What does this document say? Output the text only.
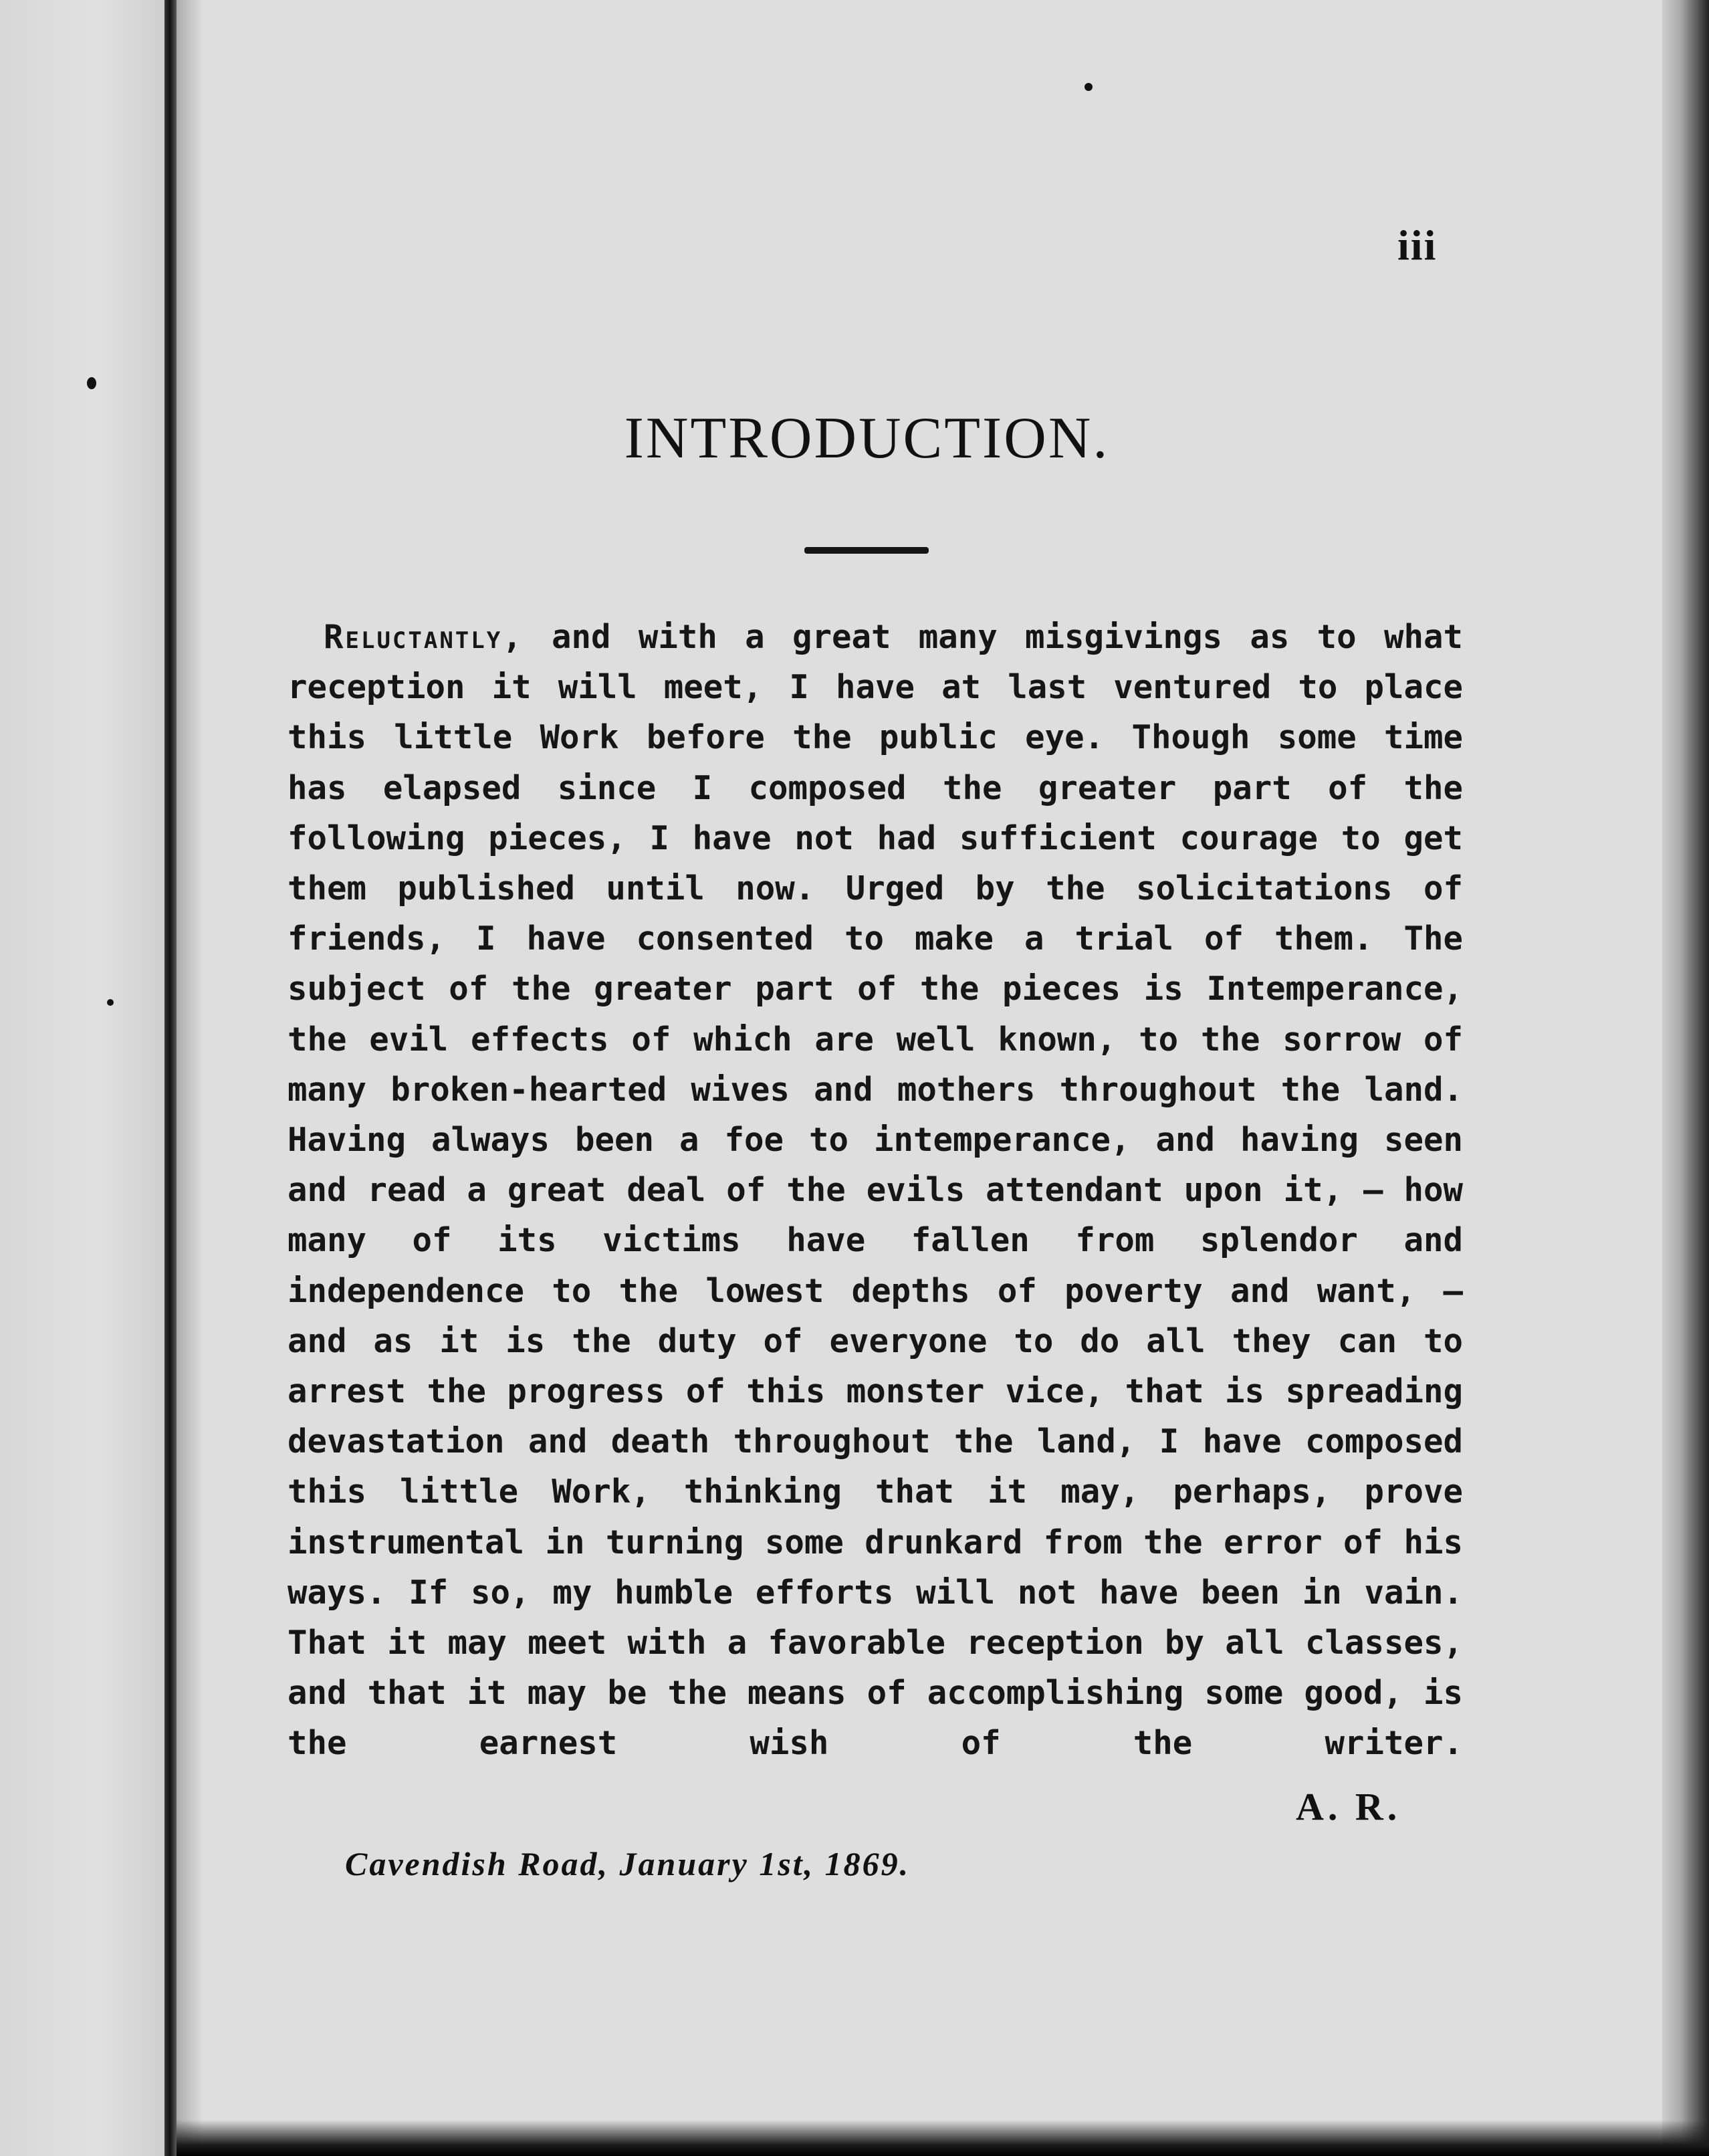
iii
INTRODUCTION.

Reluctantly, and with a great many misgivings as to what reception it will meet, I have at last ventured to place this little Work before the public eye. Though some time has elapsed since I composed the greater part of the following pieces, I have not had sufficient courage to get them published until now. Urged by the solicitations of friends, I have consented to make a trial of them. The subject of the greater part of the pieces is Intemperance, the evil effects of which are well known, to the sorrow of many broken-hearted wives and mothers throughout the land. Having always been a foe to intemperance, and having seen and read a great deal of the evils attendant upon it, — how many of its victims have fallen from splendor and independence to the lowest depths of poverty and want, — and as it is the duty of everyone to do all they can to arrest the progress of this monster vice, that is spreading devastation and death throughout the land, I have composed this little Work, thinking that it may, perhaps, prove instrumental in turning some drunkard from the error of his ways. If so, my humble efforts will not have been in vain. That it may meet with a favorable reception by all classes, and that it may be the means of accomplishing some good, is the earnest wish of the writer.

A. R.
Cavendish Road, January 1st, 1869.
